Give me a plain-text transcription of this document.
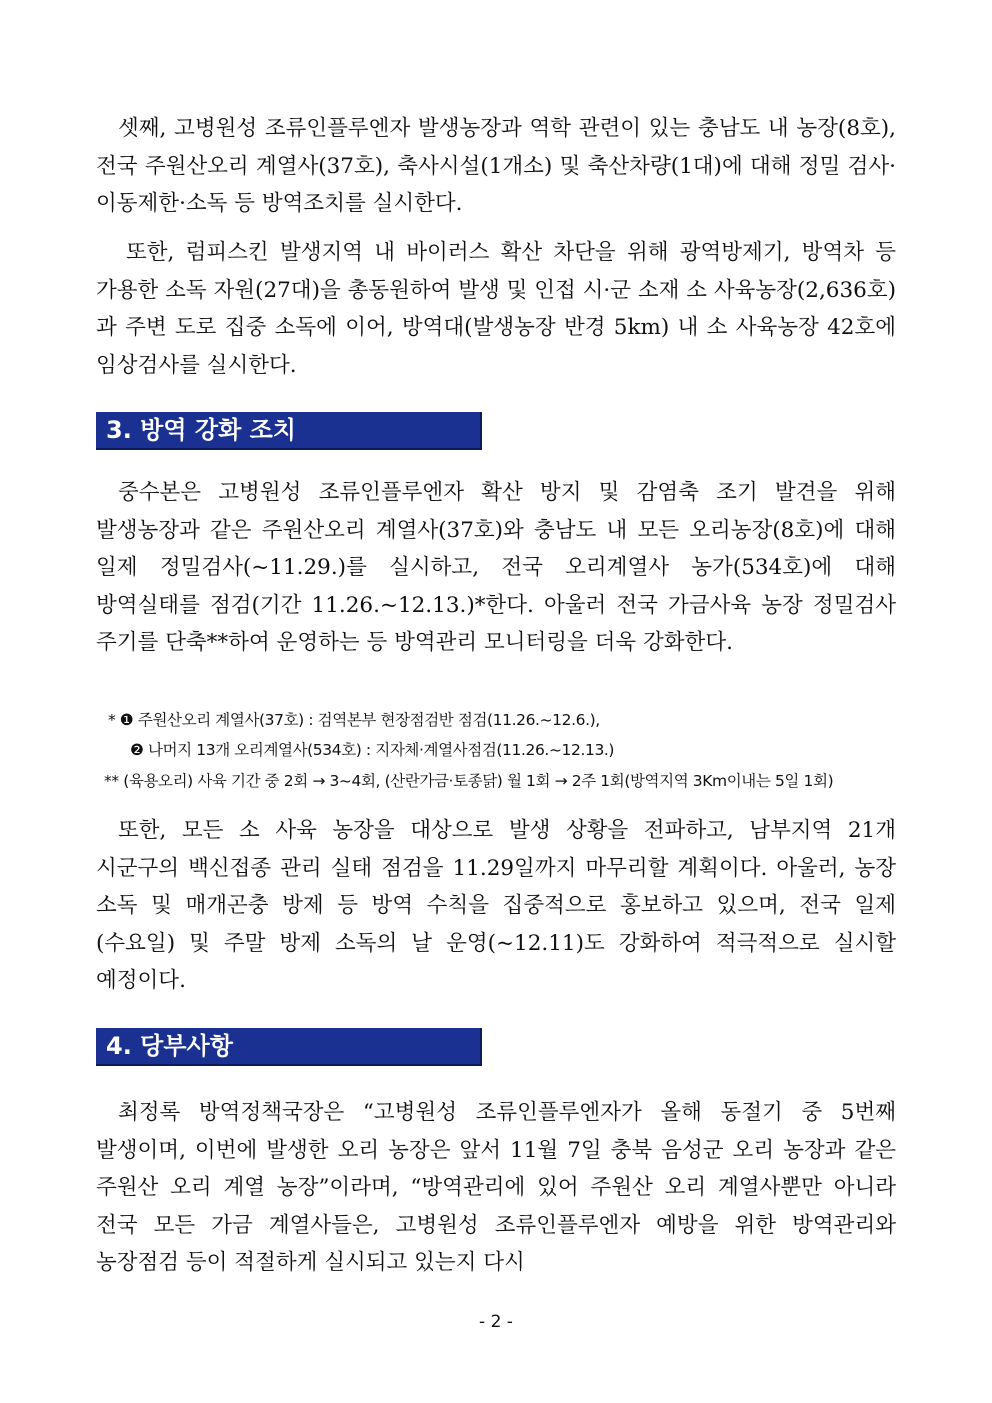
셋째, 고병원성 조류인플루엔자 발생농장과 역학 관련이 있는 충남도 내 농장(8호), 전국 주원산오리 계열사(37호), 축사시설(1개소) 및 축산차량(1대)에 대해 정밀 검사·이동제한·소독 등 방역조치를 실시한다.

또한, 럼피스킨 발생지역 내 바이러스 확산 차단을 위해 광역방제기, 방역차 등 가용한 소독 자원(27대)을 총동원하여 발생 및 인접 시·군 소재 소 사육농장(2,636호)과 주변 도로 집중 소독에 이어, 방역대(발생농장 반경 5km) 내 소 사육농장 42호에 임상검사를 실시한다.

3. 방역 강화 조치

중수본은 고병원성 조류인플루엔자 확산 방지 및 감염축 조기 발견을 위해 발생농장과 같은 주원산오리 계열사(37호)와 충남도 내 모든 오리농장(8호)에 대해 일제 정밀검사(~11.29.)를 실시하고, 전국 오리계열사 농가(534호)에 대해 방역실태를 점검(기간 11.26.~12.13.)*한다. 아울러 전국 가금사육 농장 정밀검사 주기를 단축**하여 운영하는 등 방역관리 모니터링을 더욱 강화한다.

* ❶ 주원산오리 계열사(37호) : 검역본부 현장점검반 점검(11.26.~12.6.),

❷ 나머지 13개 오리계열사(534호) : 지자체·계열사점검(11.26.~12.13.)

** (육용오리) 사육 기간 중 2회 → 3~4회, (산란가금·토종닭) 월 1회 → 2주 1회(방역지역 3Km이내는 5일 1회)

또한, 모든 소 사육 농장을 대상으로 발생 상황을 전파하고, 남부지역 21개 시군구의 백신접종 관리 실태 점검을 11.29일까지 마무리할 계획이다. 아울러, 농장 소독 및 매개곤충 방제 등 방역 수칙을 집중적으로 홍보하고 있으며, 전국 일제(수요일) 및 주말 방제 소독의 날 운영(~12.11)도 강화하여 적극적으로 실시할 예정이다.

4. 당부사항

최정록 방역정책국장은 “고병원성 조류인플루엔자가 올해 동절기 중 5번째 발생이며, 이번에 발생한 오리 농장은 앞서 11월 7일 충북 음성군 오리 농장과 같은 주원산 오리 계열 농장”이라며, “방역관리에 있어 주원산 오리 계열사뿐만 아니라 전국 모든 가금 계열사들은, 고병원성 조류인플루엔자 예방을 위한 방역관리와 농장점검 등이 적절하게 실시되고 있는지 다시

- 2 -
